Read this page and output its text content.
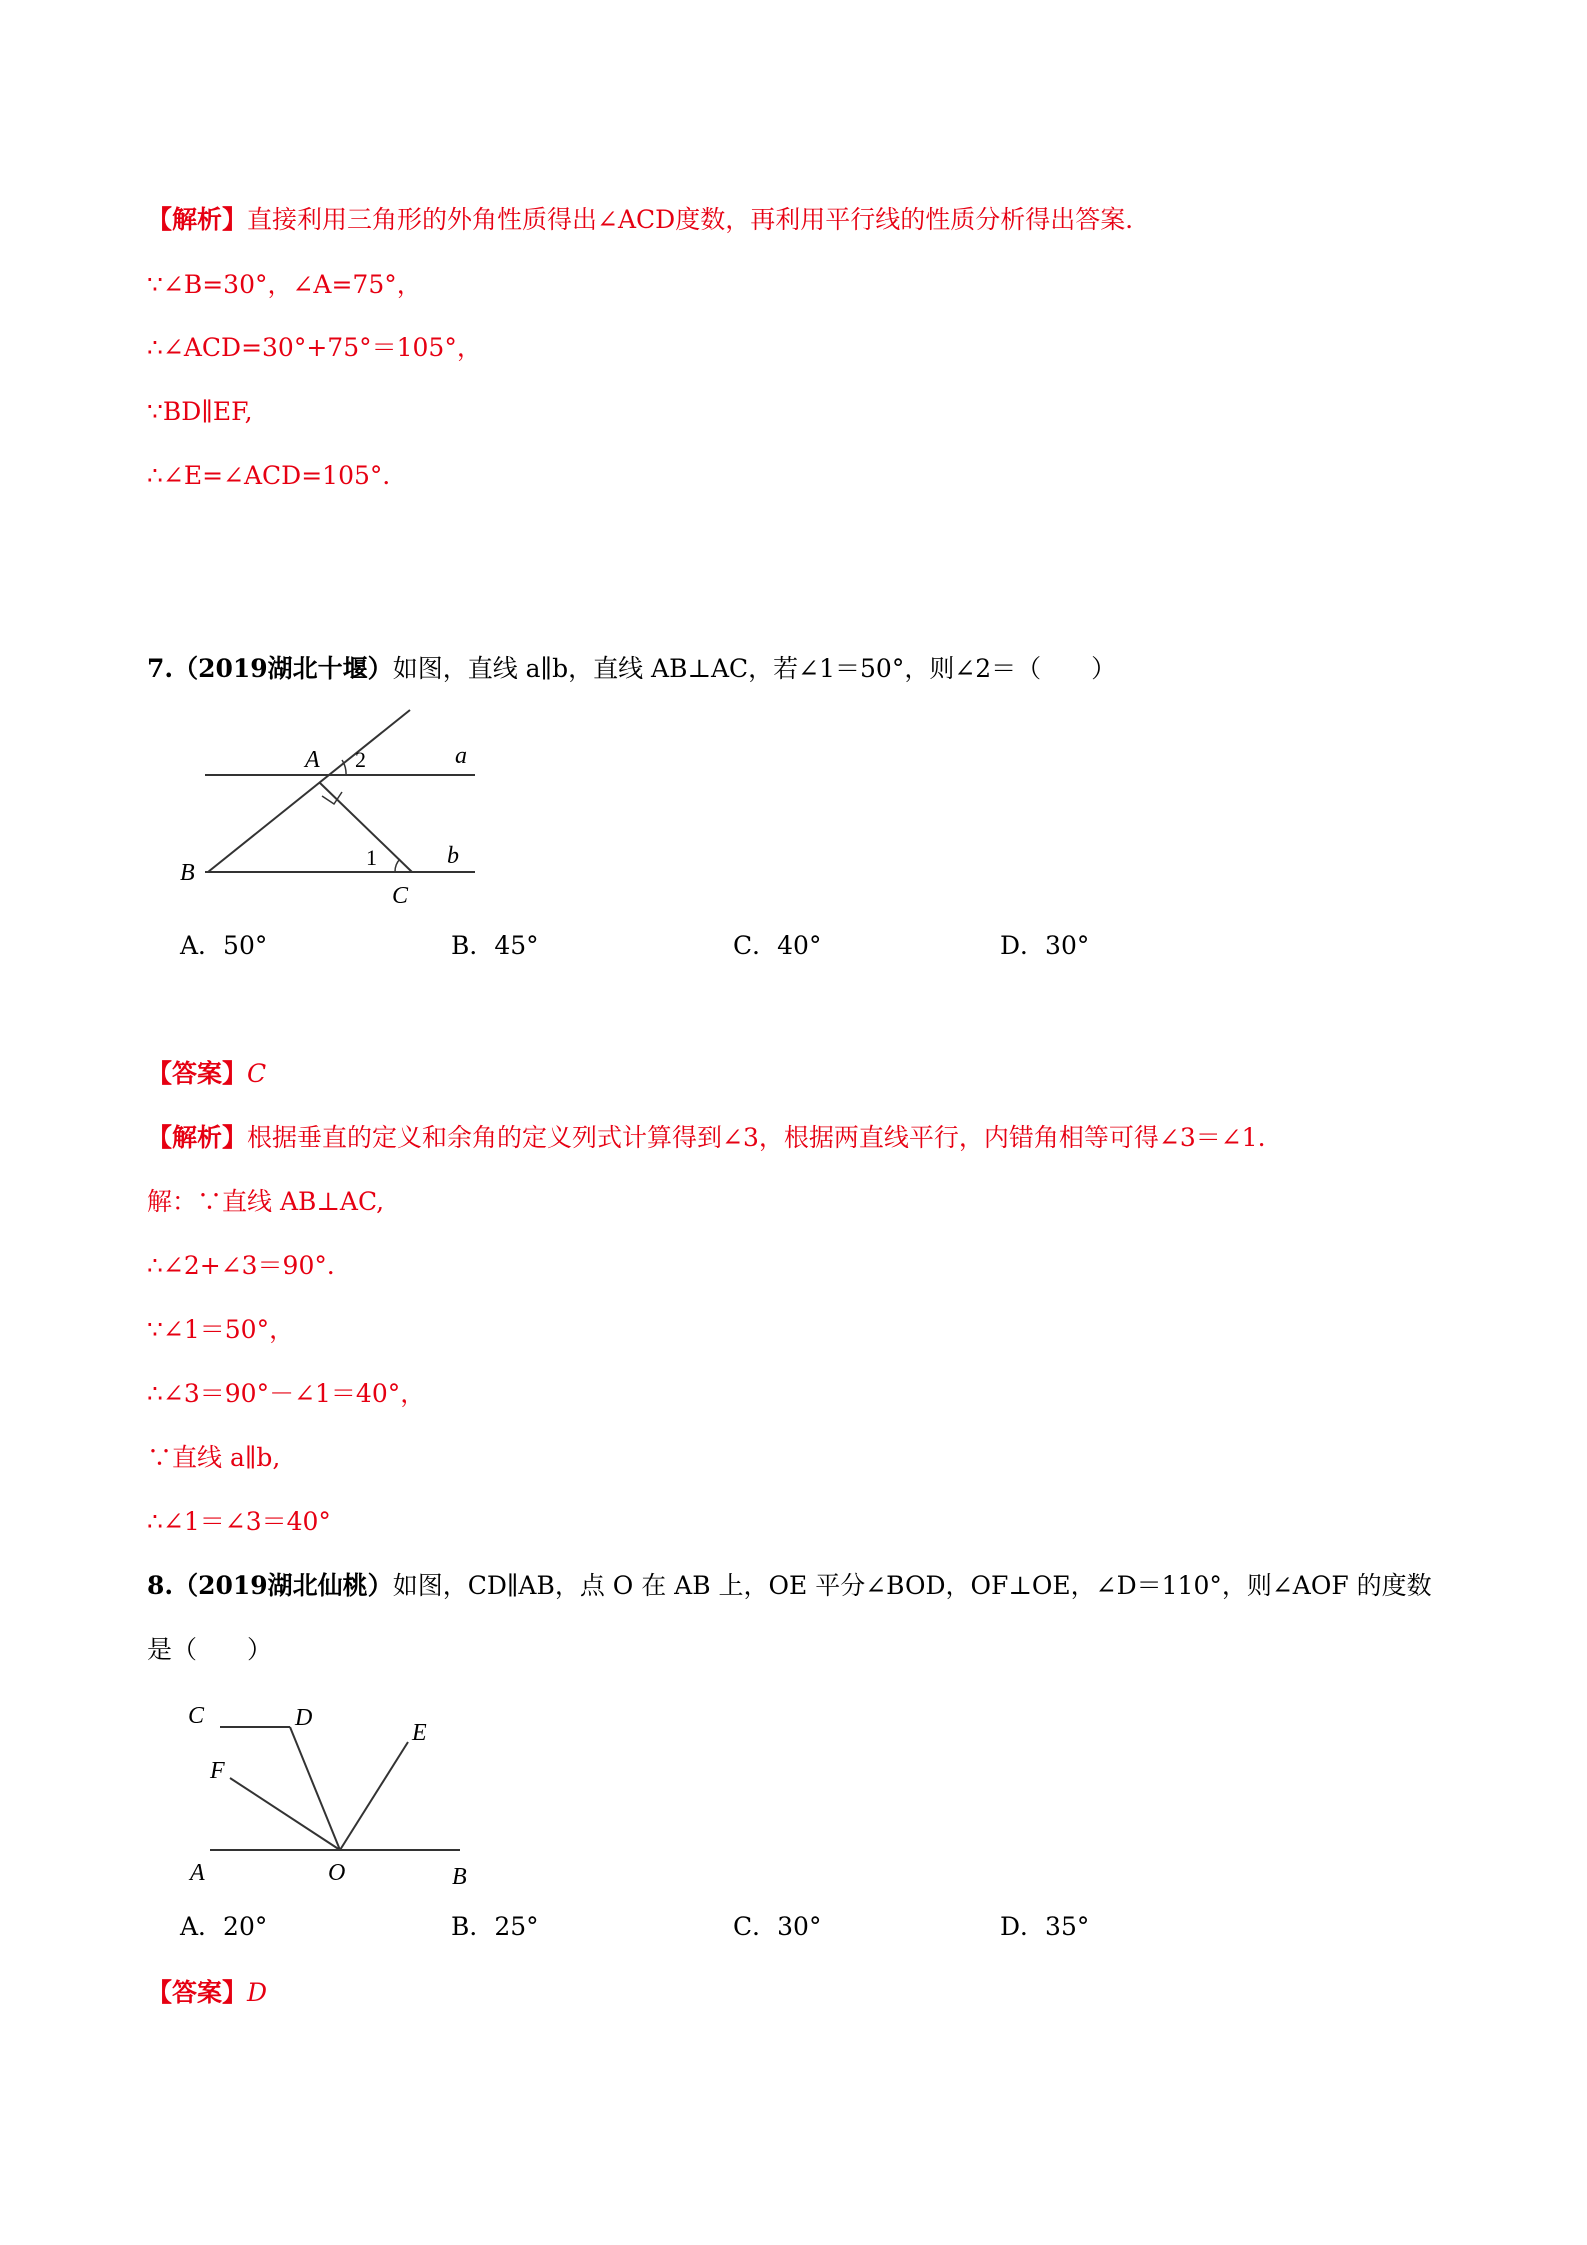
【解析】直接利用三角形的外角性质得出∠ACD度数，再利用平行线的性质分析得出答案．
∵∠B=30°，∠A=75°，
∴∠ACD=30°+75°＝105°，
∵BD∥EF,
∴∠E=∠ACD=105°．
7.（2019湖北十堰）如图，直线 a∥b，直线 AB⊥AC，若∠1＝50°，则∠2＝（　　）
A 2	a
B
1
C
b
A．50°	B．45°	C．40°	D．30°
【答案】C
【解析】根据垂直的定义和余角的定义列式计算得到∠3，根据两直线平行，内错角相等可得∠3＝∠1.
解：∵直线 AB⊥AC,
∴∠2+∠3＝90°．
∵∠1＝50°，
∴∠3＝90°－∠1＝40°，
∵直线 a∥b,
∴∠1＝∠3＝40°
8.（2019湖北仙桃）如图，CD∥AB，点 O 在 AB 上，OE 平分∠BOD，OF⊥OE，∠D＝110°，则∠AOF 的度数
是（　　）
C	D
E
F
A	O	B
A．20°	B．25°	C．30°	D．35°
【答案】D
